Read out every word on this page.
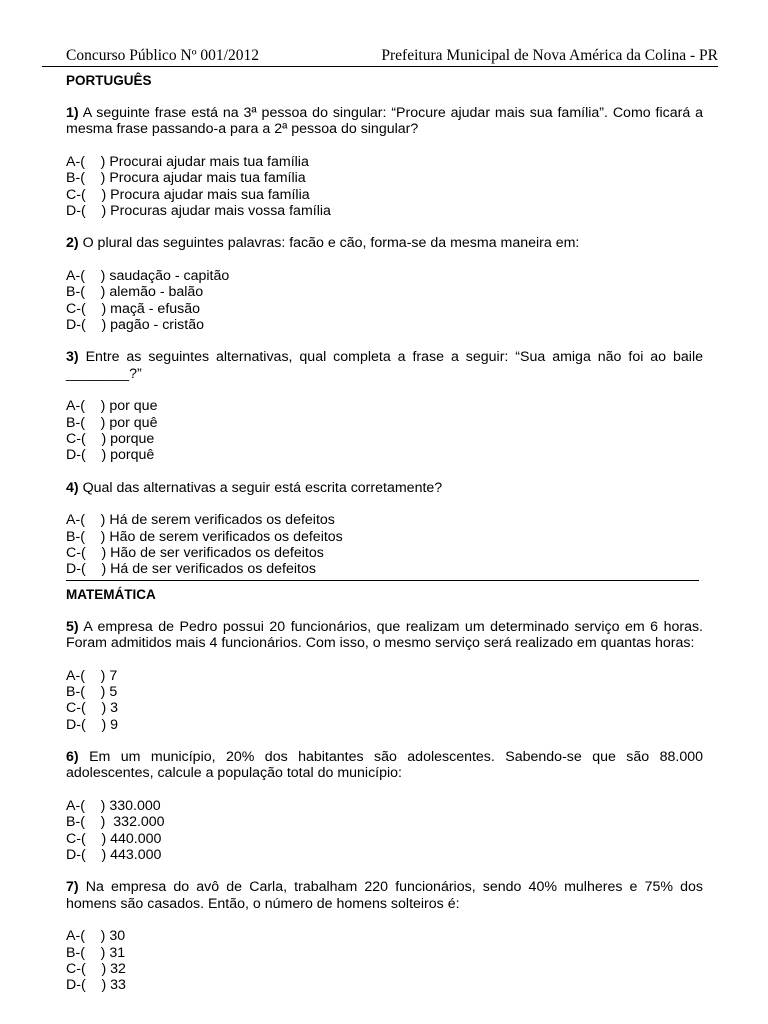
Concurso Público Nº 001/2012	Prefeitura Municipal de Nova América da Colina - PR
PORTUGUÊS

1) A seguinte frase está na 3ª pessoa do singular: “Procure ajudar mais sua família”. Como ficará a mesma frase passando-a para a 2ª pessoa do singular?

A-(    ) Procurai ajudar mais tua família
B-(    ) Procura ajudar mais tua família
C-(    ) Procura ajudar mais sua família
D-(    ) Procuras ajudar mais vossa família

2) O plural das seguintes palavras: facão e cão, forma-se da mesma maneira em:

A-(    ) saudação - capitão
B-(    ) alemão - balão
C-(    ) maçã - efusão
D-(    ) pagão - cristão

3) Entre as seguintes alternativas, qual completa a frase a seguir: “Sua amiga não foi ao baile ________?”

A-(    ) por que
B-(    ) por quê
C-(    ) porque
D-(    ) porquê

4) Qual das alternativas a seguir está escrita corretamente?

A-(    ) Há de serem verificados os defeitos
B-(    ) Hão de serem verificados os defeitos
C-(    ) Hão de ser verificados os defeitos
D-(    ) Há de ser verificados os defeitos
MATEMÁTICA

5) A empresa de Pedro possui 20 funcionários, que realizam um determinado serviço em 6 horas. Foram admitidos mais 4 funcionários. Com isso, o mesmo serviço será realizado em quantas horas:

A-(    ) 7
B-(    ) 5
C-(    ) 3
D-(    ) 9

6) Em um município, 20% dos habitantes são adolescentes. Sabendo-se que são 88.000 adolescentes, calcule a população total do município:

A-(    ) 330.000
B-(    )  332.000
C-(    ) 440.000
D-(    ) 443.000

7) Na empresa do avô de Carla, trabalham 220 funcionários, sendo 40% mulheres e 75% dos homens são casados. Então, o número de homens solteiros é:

A-(    ) 30
B-(    ) 31
C-(    ) 32
D-(    ) 33
